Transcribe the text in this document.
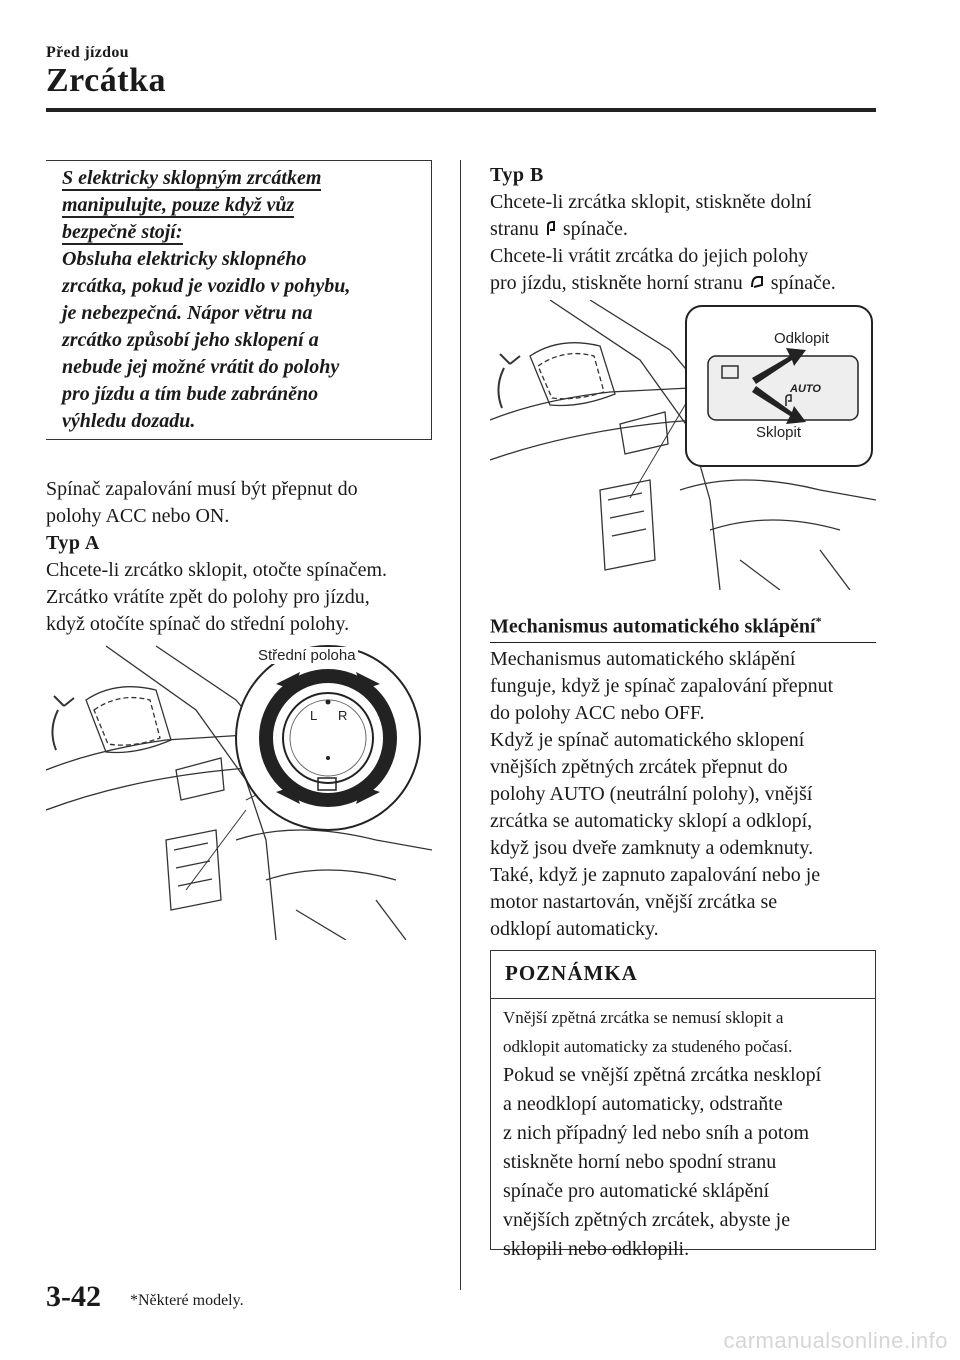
Před jízdou
Zrcátka
S elektricky sklopným zrcátkem
manipulujte, pouze když vůz
bezpečně stojí:
Obsluha elektricky sklopného
zrcátka, pokud je vozidlo v pohybu,
je nebezpečná. Nápor větru na
zrcátko způsobí jeho sklopení a
nebude jej možné vrátit do polohy
pro jízdu a tím bude zabráněno
výhledu dozadu.
Spínač zapalování musí být přepnut do
polohy ACC nebo ON.
Typ A
Chcete-li zrcátko sklopit, otočte spínačem.
Zrcátko vrátíte zpět do polohy pro jízdu,
když otočíte spínač do střední polohy.
L R
Střední poloha
Typ B
Chcete-li zrcátka sklopit, stiskněte dolní
stranu spínače.
Chcete-li vrátit zrcátka do jejich polohy
pro jízdu, stiskněte horní stranu spínače.
AUTO
Odklopit
Sklopit
Mechanismus automatického sklápění*
Mechanismus automatického sklápění
funguje, když je spínač zapalování přepnut
do polohy ACC nebo OFF.
Když je spínač automatického sklopení
vnějších zpětných zrcátek přepnut do
polohy AUTO (neutrální polohy), vnější
zrcátka se automaticky sklopí a odklopí,
když jsou dveře zamknuty a odemknuty.
Také, když je zapnuto zapalování nebo je
motor nastartován, vnější zrcátka se
odklopí automaticky.
POZNÁMKA
Vnější zpětná zrcátka se nemusí sklopit a
odklopit automaticky za studeného počasí.
Pokud se vnější zpětná zrcátka nesklopí
a neodklopí automaticky, odstraňte
z nich případný led nebo sníh a potom
stiskněte horní nebo spodní stranu
spínače pro automatické sklápění
vnějších zpětných zrcátek, abyste je
sklopili nebo odklopili.
3-42 *Některé modely.
carmanualsonline.info
